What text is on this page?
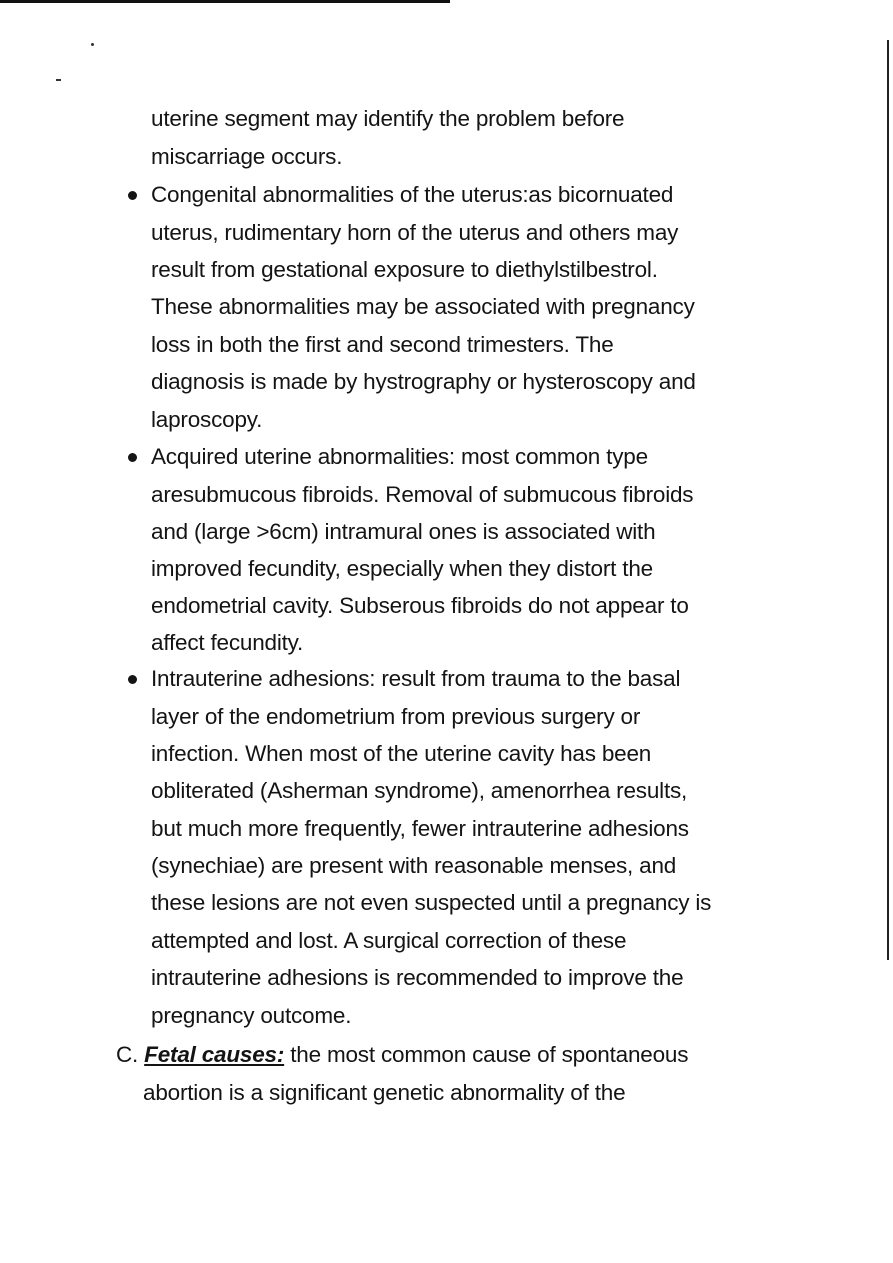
uterine segment may identify the problem before
miscarriage occurs.
Congenital abnormalities of the uterus:as bicornuated
uterus, rudimentary horn of the uterus and others may
result from gestational exposure to diethylstilbestrol.
These abnormalities may be associated with pregnancy
loss in both the first and second trimesters. The
diagnosis is made by hystrography or hysteroscopy and
laproscopy.
Acquired uterine abnormalities: most common type
aresubmucous fibroids. Removal of submucous fibroids
and (large >6cm) intramural ones is associated with
improved fecundity, especially when they distort the
endometrial cavity. Subserous fibroids do not appear to
affect fecundity.
Intrauterine adhesions: result from trauma to the basal
layer of the endometrium from previous surgery or
infection. When most of the uterine cavity has been
obliterated (Asherman syndrome), amenorrhea results,
but much more frequently, fewer intrauterine adhesions
(synechiae) are present with reasonable menses, and
these lesions are not even suspected until a pregnancy is
attempted and lost. A surgical correction of these
intrauterine adhesions is recommended to improve the
pregnancy outcome.
C. Fetal causes: the most common cause of spontaneous
abortion is a significant genetic abnormality of the
